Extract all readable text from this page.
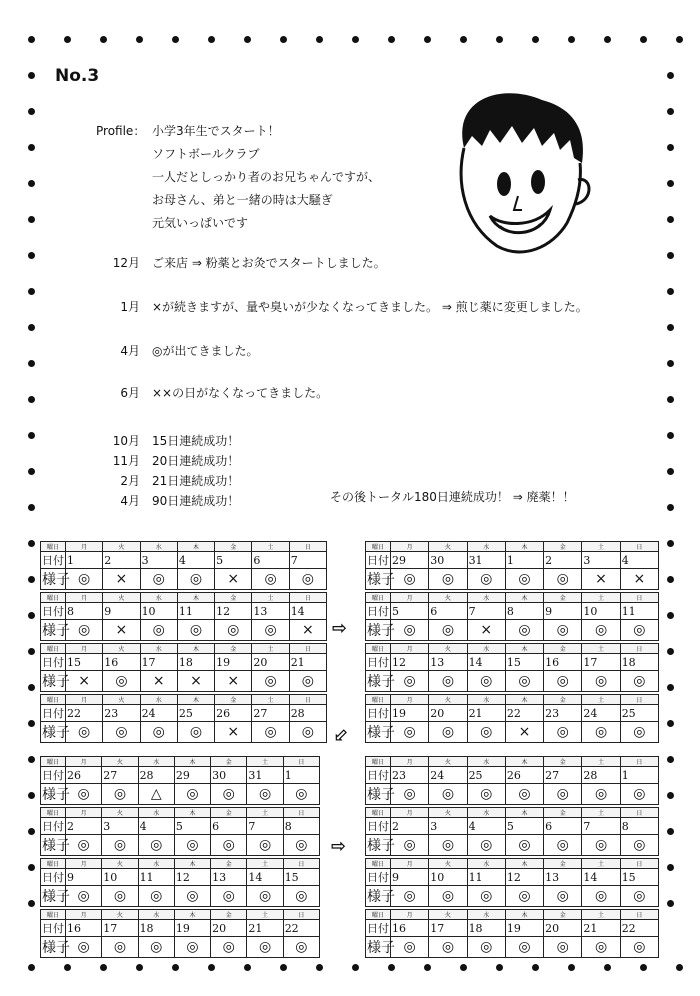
No.3
Profile： 小学3年生でスタート！
ソフトボールクラブ
一人だとしっかり者のお兄ちゃんですが、
お母さん、弟と一緒の時は大騒ぎ
元気いっぱいです
12月 ご来店 ⇒ 粉薬とお灸でスタートしました。
1月 ×が続きますが、量や臭いが少なくなってきました。 ⇒ 煎じ薬に変更しました。
4月 ◎が出てきました。
6月 ××の日がなくなってきました。
10月 15日連続成功！
11月 20日連続成功！
2月 21日連続成功！
4月 90日連続成功！	その後トータル180日連続成功！ ⇒ 廃薬！！
曜日	月	火	水	木	金	土	日
日付	1	2	3	4	5	6	7
様子	◎	×	◎	◎	×	◎	◎

曜日	月	火	水	木	金	土	日
日付	8	9	10	11	12	13	14
様子	◎	×	◎	◎	◎	◎	×

曜日	月	火	水	木	金	土	日
日付	15	16	17	18	19	20	21
様子	×	◎	×	×	×	◎	◎

曜日	月	火	水	木	金	土	日
日付	22	23	24	25	26	27	28
様子	◎	◎	◎	◎	×	◎	◎
曜日	月	火	水	木	金	土	日
日付	29	30	31	1	2	3	4
様子	◎	◎	◎	◎	◎	×	×

曜日	月	火	水	木	金	土	日
日付	5	6	7	8	9	10	11
様子	◎	◎	×	◎	◎	◎	◎

曜日	月	火	水	木	金	土	日
日付	12	13	14	15	16	17	18
様子	◎	◎	◎	◎	◎	◎	◎

曜日	月	火	水	木	金	土	日
日付	19	20	21	22	23	24	25
様子	◎	◎	◎	×	◎	◎	◎
曜日	月	火	水	木	金	土	日
日付	26	27	28	29	30	31	1
様子	◎	◎	△	◎	◎	◎	◎

曜日	月	火	水	木	金	土	日
日付	2	3	4	5	6	7	8
様子	◎	◎	◎	◎	◎	◎	◎

曜日	月	火	水	木	金	土	日
日付	9	10	11	12	13	14	15
様子	◎	◎	◎	◎	◎	◎	◎

曜日	月	火	水	木	金	土	日
日付	16	17	18	19	20	21	22
様子	◎	◎	◎	◎	◎	◎	◎
曜日	月	火	水	木	金	土	日
日付	23	24	25	26	27	28	1
様子	◎	◎	◎	◎	◎	◎	◎

曜日	月	火	水	木	金	土	日
日付	2	3	4	5	6	7	8
様子	◎	◎	◎	◎	◎	◎	◎

曜日	月	火	水	木	金	土	日
日付	9	10	11	12	13	14	15
様子	◎	◎	◎	◎	◎	◎	◎

曜日	月	火	水	木	金	土	日
日付	16	17	18	19	20	21	22
様子	◎	◎	◎	◎	◎	◎	◎
⇨
⬃
⇨
